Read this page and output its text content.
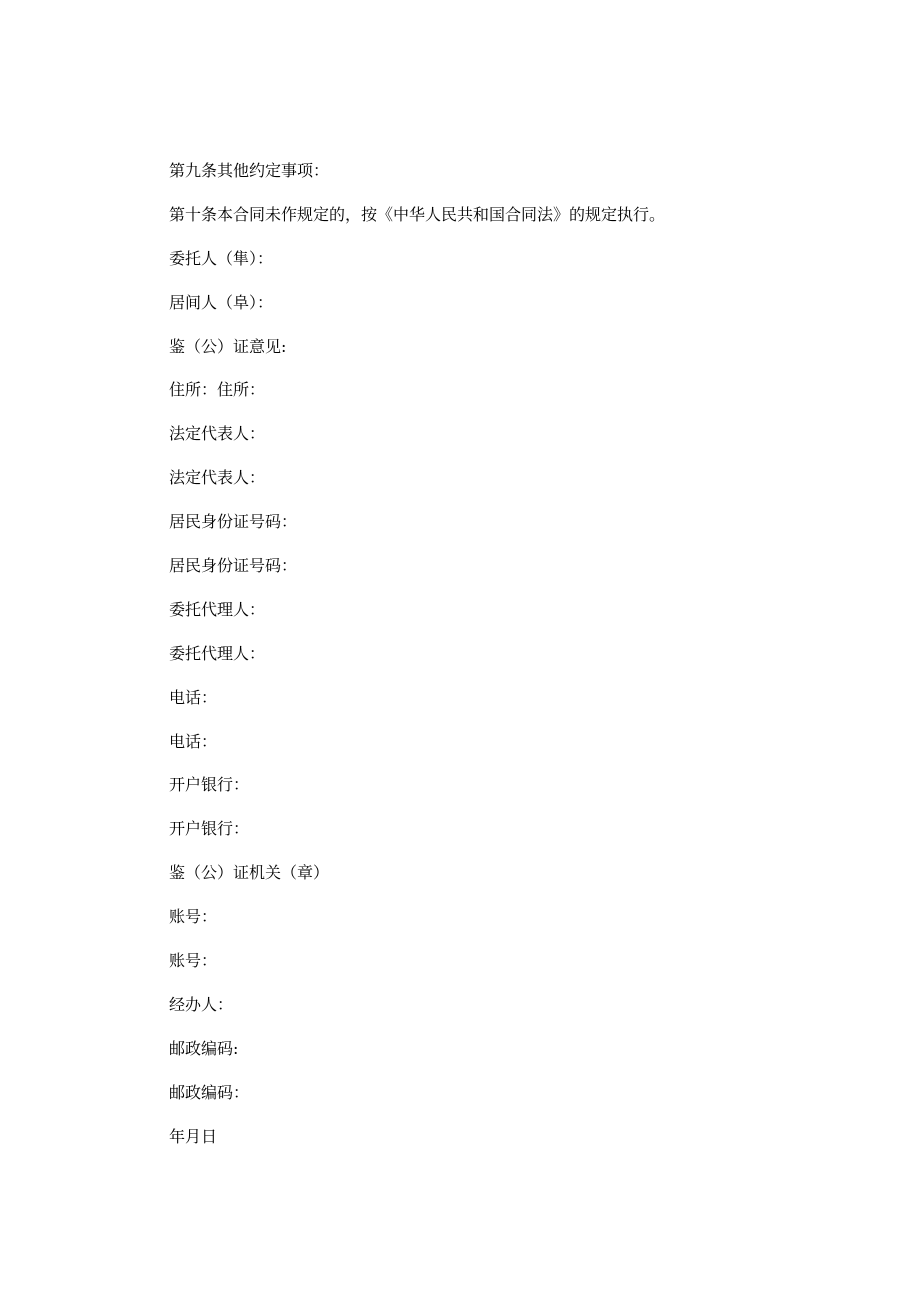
第九条其他约定事项：
第十条本合同未作规定的，按《中华人民共和国合同法》的规定执行。
委托人（隼）：
居间人（阜）：
鉴（公）证意见:
住所：住所：
法定代表人：
法定代表人：
居民身份证号码：
居民身份证号码：
委托代理人：
委托代理人：
电话：
电话：
开户银行：
开户银行：
鉴（公）证机关（章）
账号：
账号：
经办人：
邮政编码:
邮政编码：
年月日
